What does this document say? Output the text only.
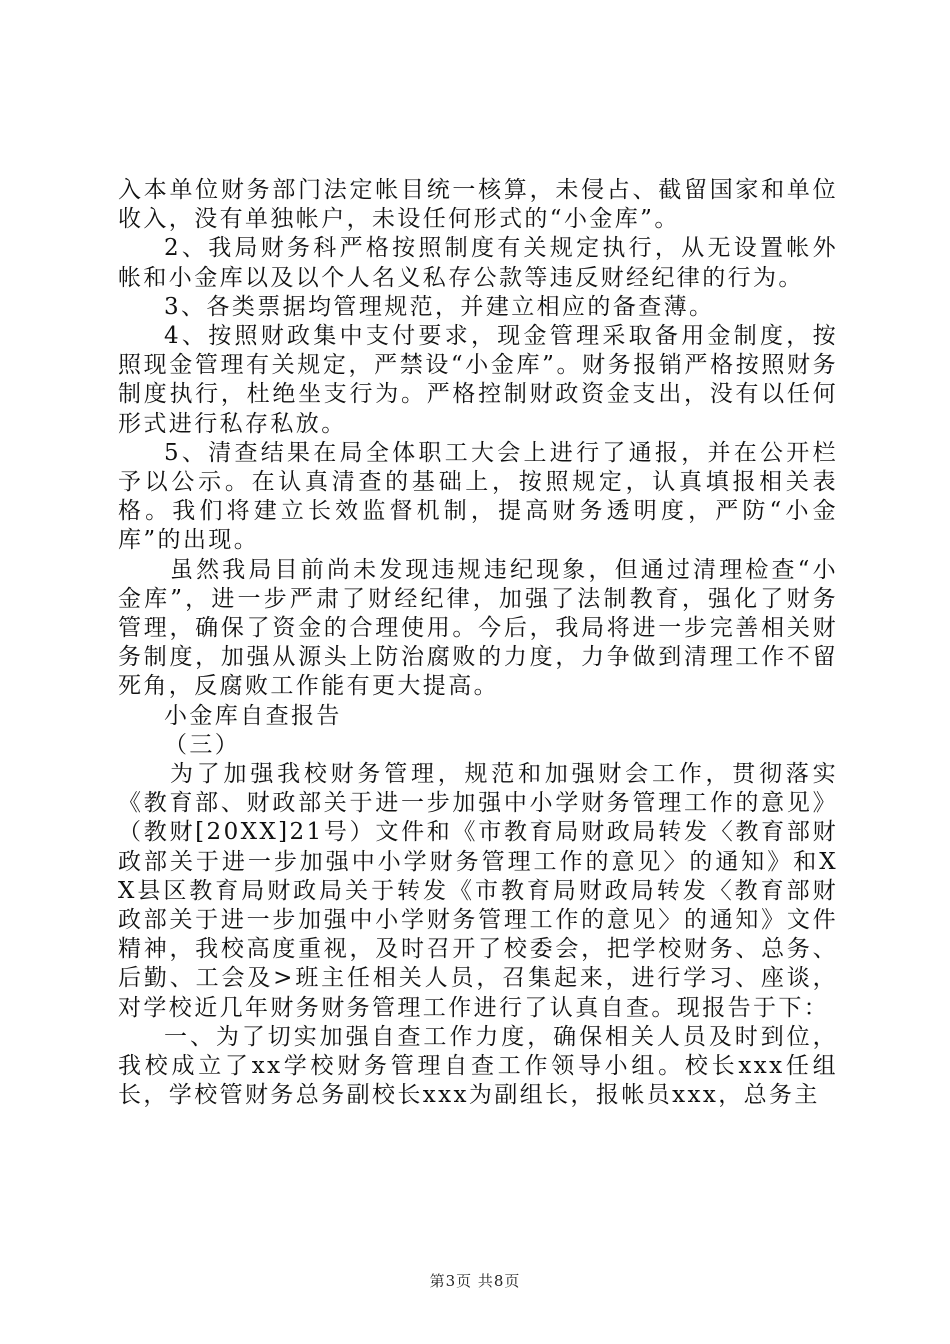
入本单位财务部门法定帐目统一核算，未侵占、截留国家和单位收入，没有单独帐户，未设任何形式的“小金库”。

2、我局财务科严格按照制度有关规定执行，从无设置帐外帐和小金库以及以个人名义私存公款等违反财经纪律的行为。

3、各类票据均管理规范，并建立相应的备查薄。

4、按照财政集中支付要求，现金管理采取备用金制度，按照现金管理有关规定，严禁设“小金库”。财务报销严格按照财务制度执行，杜绝坐支行为。严格控制财政资金支出，没有以任何形式进行私存私放。

5、清查结果在局全体职工大会上进行了通报，并在公开栏予以公示。在认真清查的基础上，按照规定，认真填报相关表格。我们将建立长效监督机制，提高财务透明度，严防“小金库”的出现。

虽然我局目前尚未发现违规违纪现象，但通过清理检查“小金库”，进一步严肃了财经纪律，加强了法制教育，强化了财务管理，确保了资金的合理使用。今后，我局将进一步完善相关财务制度，加强从源头上防治腐败的力度，力争做到清理工作不留死角，反腐败工作能有更大提高。

小金库自查报告

（三）

为了加强我校财务管理，规范和加强财会工作，贯彻落实《教育部、财政部关于进一步加强中小学财务管理工作的意见》（教财[20XX]21号）文件和《市教育局财政局转发〈教育部财政部关于进一步加强中小学财务管理工作的意见〉的通知》和XX县区教育局财政局关于转发《市教育局财政局转发〈教育部财政部关于进一步加强中小学财务管理工作的意见〉的通知》文件精神，我校高度重视，及时召开了校委会，把学校财务、总务、后勤、工会及>班主任相关人员，召集起来，进行学习、座谈，对学校近几年财务财务管理工作进行了认真自查。现报告于下：

一、为了切实加强自查工作力度，确保相关人员及时到位，我校成立了xx学校财务管理自查工作领导小组。校长xxx任组长，学校管财务总务副校长xxx为副组长，报帐员xxx，总务主

第3页 共8页
